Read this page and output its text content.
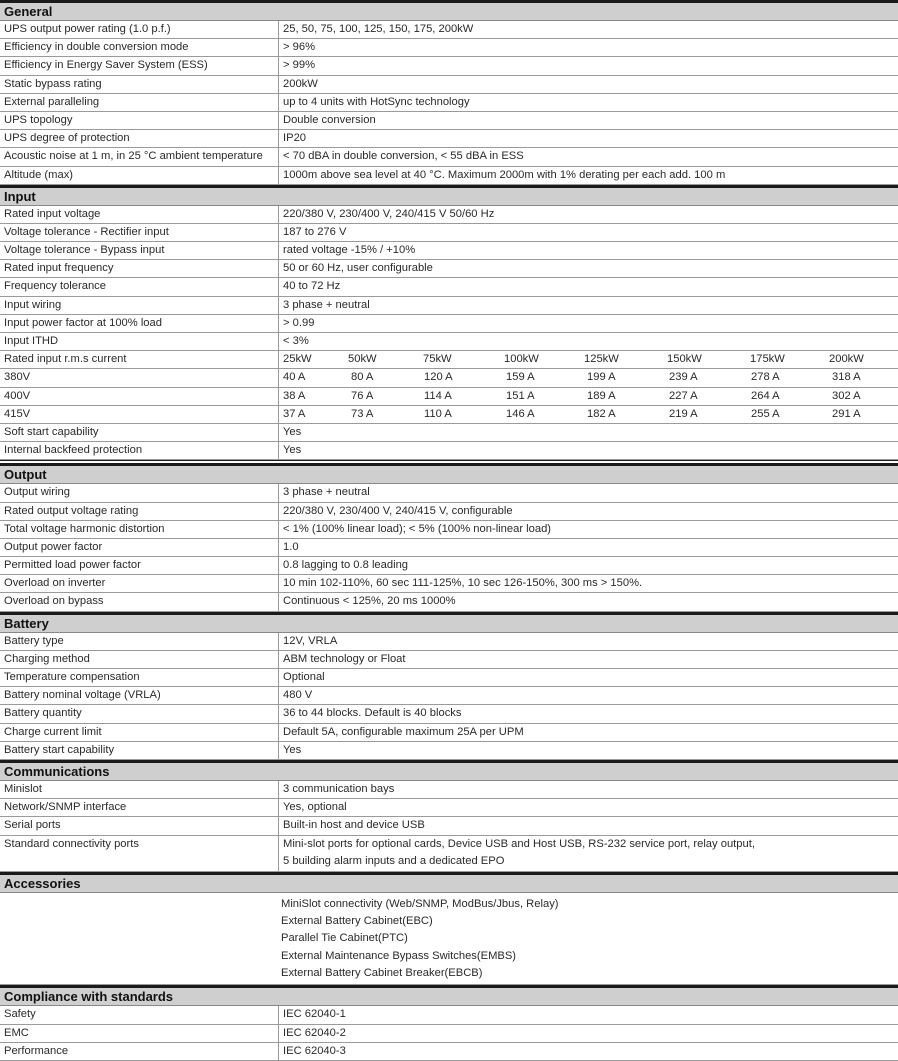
General
UPS output power rating (1.0 p.f.)	25, 50, 75, 100, 125, 150, 175, 200kW
Efficiency in double conversion mode	> 96%
Efficiency in Energy Saver System (ESS)	> 99%
Static bypass rating	200kW
External paralleling	up to 4 units with HotSync technology
UPS topology	Double conversion
UPS degree of protection	IP20
Acoustic noise at 1 m, in 25 °C ambient temperature	< 70 dBA in double conversion, < 55 dBA in ESS
Altitude (max)	1000m above sea level at 40 °C. Maximum 2000m with 1% derating per each add. 100 m
Input
Rated input voltage	220/380 V, 230/400 V, 240/415 V 50/60 Hz
Voltage tolerance - Rectifier input	187 to 276 V
Voltage tolerance - Bypass input	rated voltage -15% / +10%
Rated input frequency	50 or 60 Hz, user configurable
Frequency tolerance	40 to 72 Hz
Input wiring	3 phase + neutral
Input power factor at 100% load	> 0.99
Input ITHD	< 3%
Rated input r.m.s current	25kW	50kW	75kW	100kW	125kW	150kW	175kW	200kW
380V	40 A	80 A	120 A	159 A	199 A	239 A	278 A	318 A
400V	38 A	76 A	114 A	151 A	189 A	227 A	264 A	302 A
415V	37 A	73 A	110 A	146 A	182 A	219 A	255 A	291 A
Soft start capability	Yes
Internal backfeed protection	Yes
Output
Output wiring	3 phase + neutral
Rated output voltage rating	220/380 V, 230/400 V, 240/415 V, configurable
Total voltage harmonic distortion	< 1% (100% linear load); < 5% (100% non-linear load)
Output power factor	1.0
Permitted load power factor	0.8 lagging to 0.8 leading
Overload on inverter	10 min 102-110%, 60 sec 111-125%, 10 sec 126-150%, 300 ms > 150%.
Overload on bypass	Continuous < 125%, 20 ms 1000%
Battery
Battery type	12V, VRLA
Charging method	ABM technology or Float
Temperature compensation	Optional
Battery nominal voltage (VRLA)	480 V
Battery quantity	36 to 44 blocks. Default is 40 blocks
Charge current limit	Default 5A, configurable maximum 25A per UPM
Battery start capability	Yes
Communications
Minislot	3 communication bays
Network/SNMP interface	Yes, optional
Serial ports	Built-in host and device USB
Standard connectivity ports	Mini-slot ports for optional cards, Device USB and Host USB, RS-232 service port, relay output,
5 building alarm inputs and a dedicated EPO
Accessories
MiniSlot connectivity (Web/SNMP, ModBus/Jbus, Relay)
External Battery Cabinet(EBC)
Parallel Tie Cabinet(PTC)
External Maintenance Bypass Switches(EMBS)
External Battery Cabinet Breaker(EBCB)
Compliance with standards
Safety	IEC 62040-1
EMC	IEC 62040-2
Performance	IEC 62040-3
